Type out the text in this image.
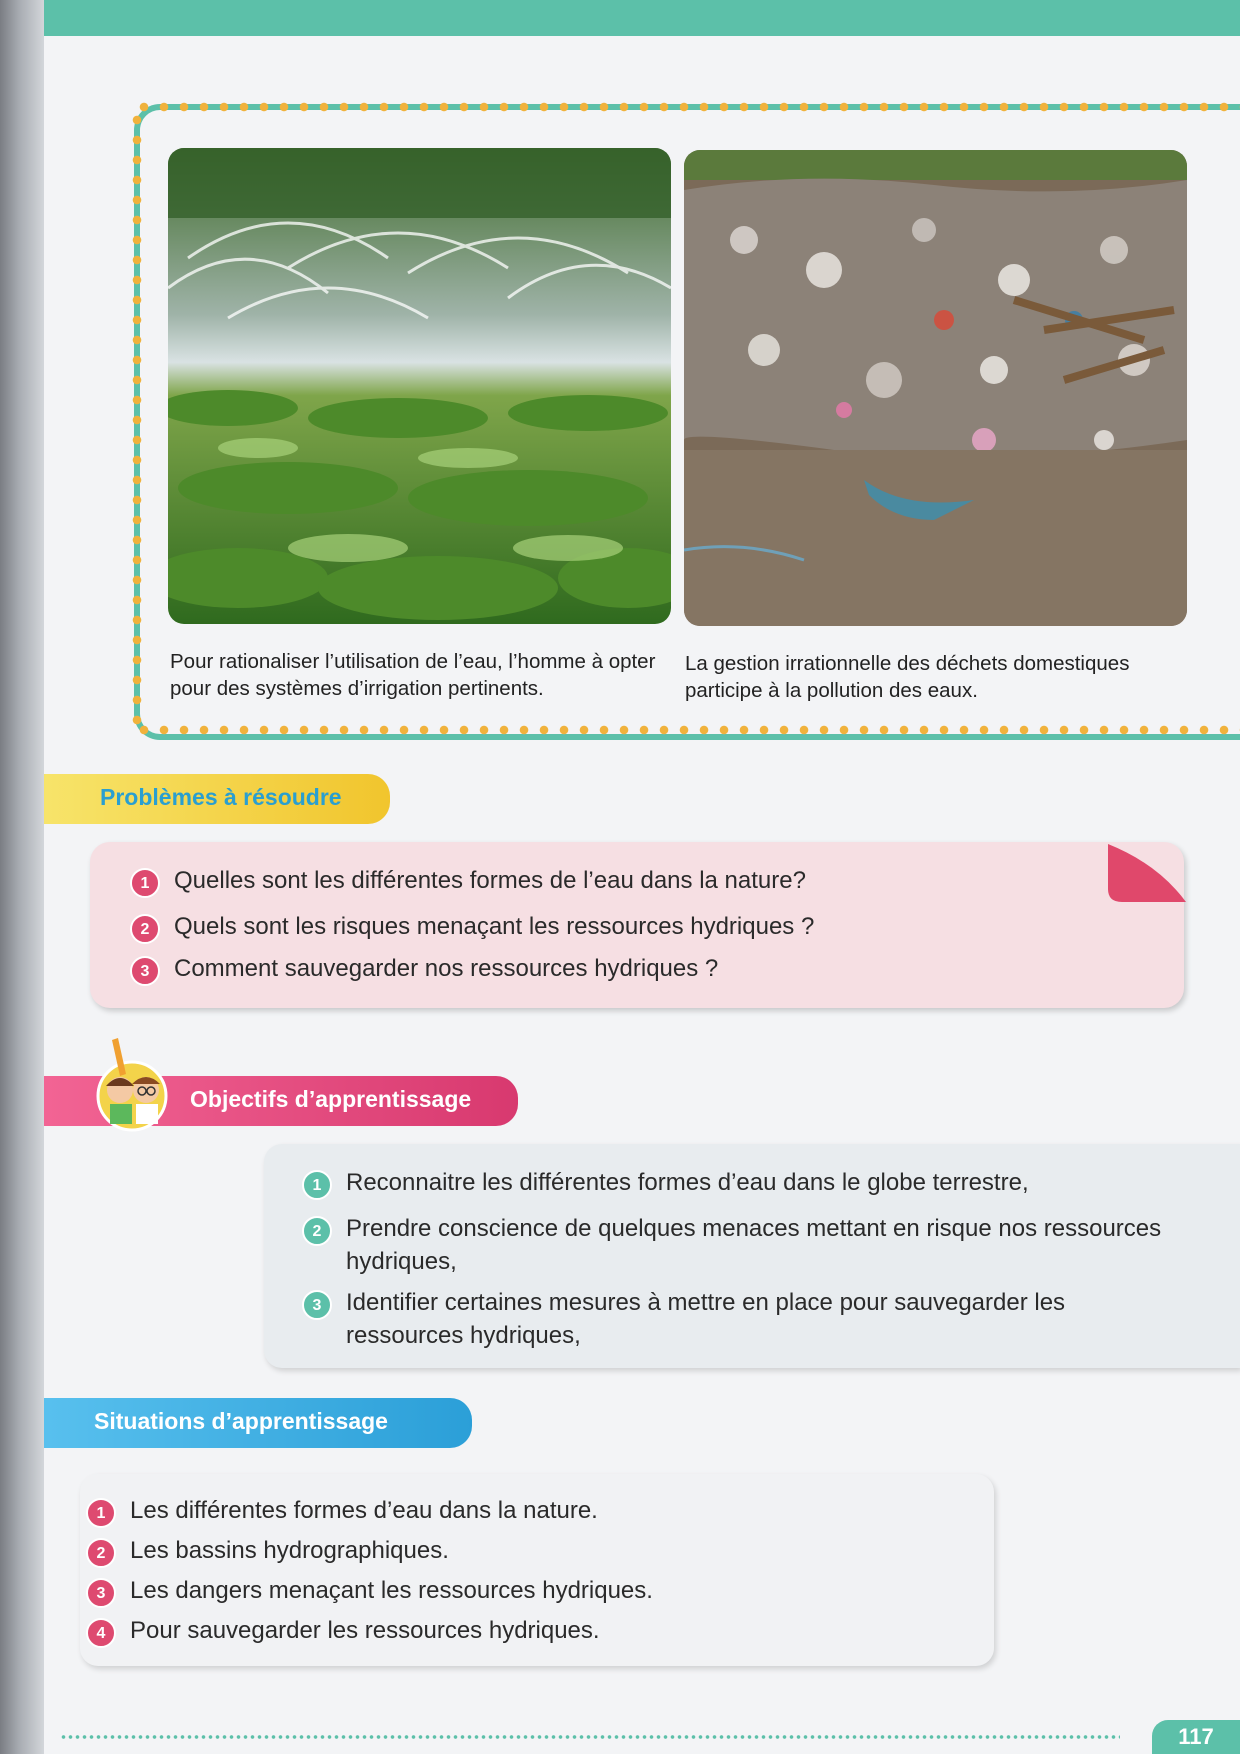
Pour rationaliser l’utilisation de l’eau, l’homme à opter pour des systèmes d’irrigation pertinents.
La gestion irrationnelle des déchets domestiques participe à la pollution des eaux.
Problèmes à résoudre
1	Quelles sont les différentes formes de l’eau dans la nature?
2	Quels sont les risques menaçant les ressources hydriques ?
3	Comment sauvegarder nos ressources hydriques ?
Objectifs d’apprentissage
1	Reconnaitre les différentes formes d’eau dans le globe terrestre,
2	Prendre conscience de quelques menaces mettant en risque nos ressources hydriques,
3	Identifier certaines mesures à mettre en place pour sauvegarder les ressources hydriques,
Situations d’apprentissage
1	Les différentes formes d’eau dans la nature.
2	Les bassins hydrographiques.
3	Les dangers menaçant les ressources hydriques.
4	Pour sauvegarder les ressources hydriques.
117
